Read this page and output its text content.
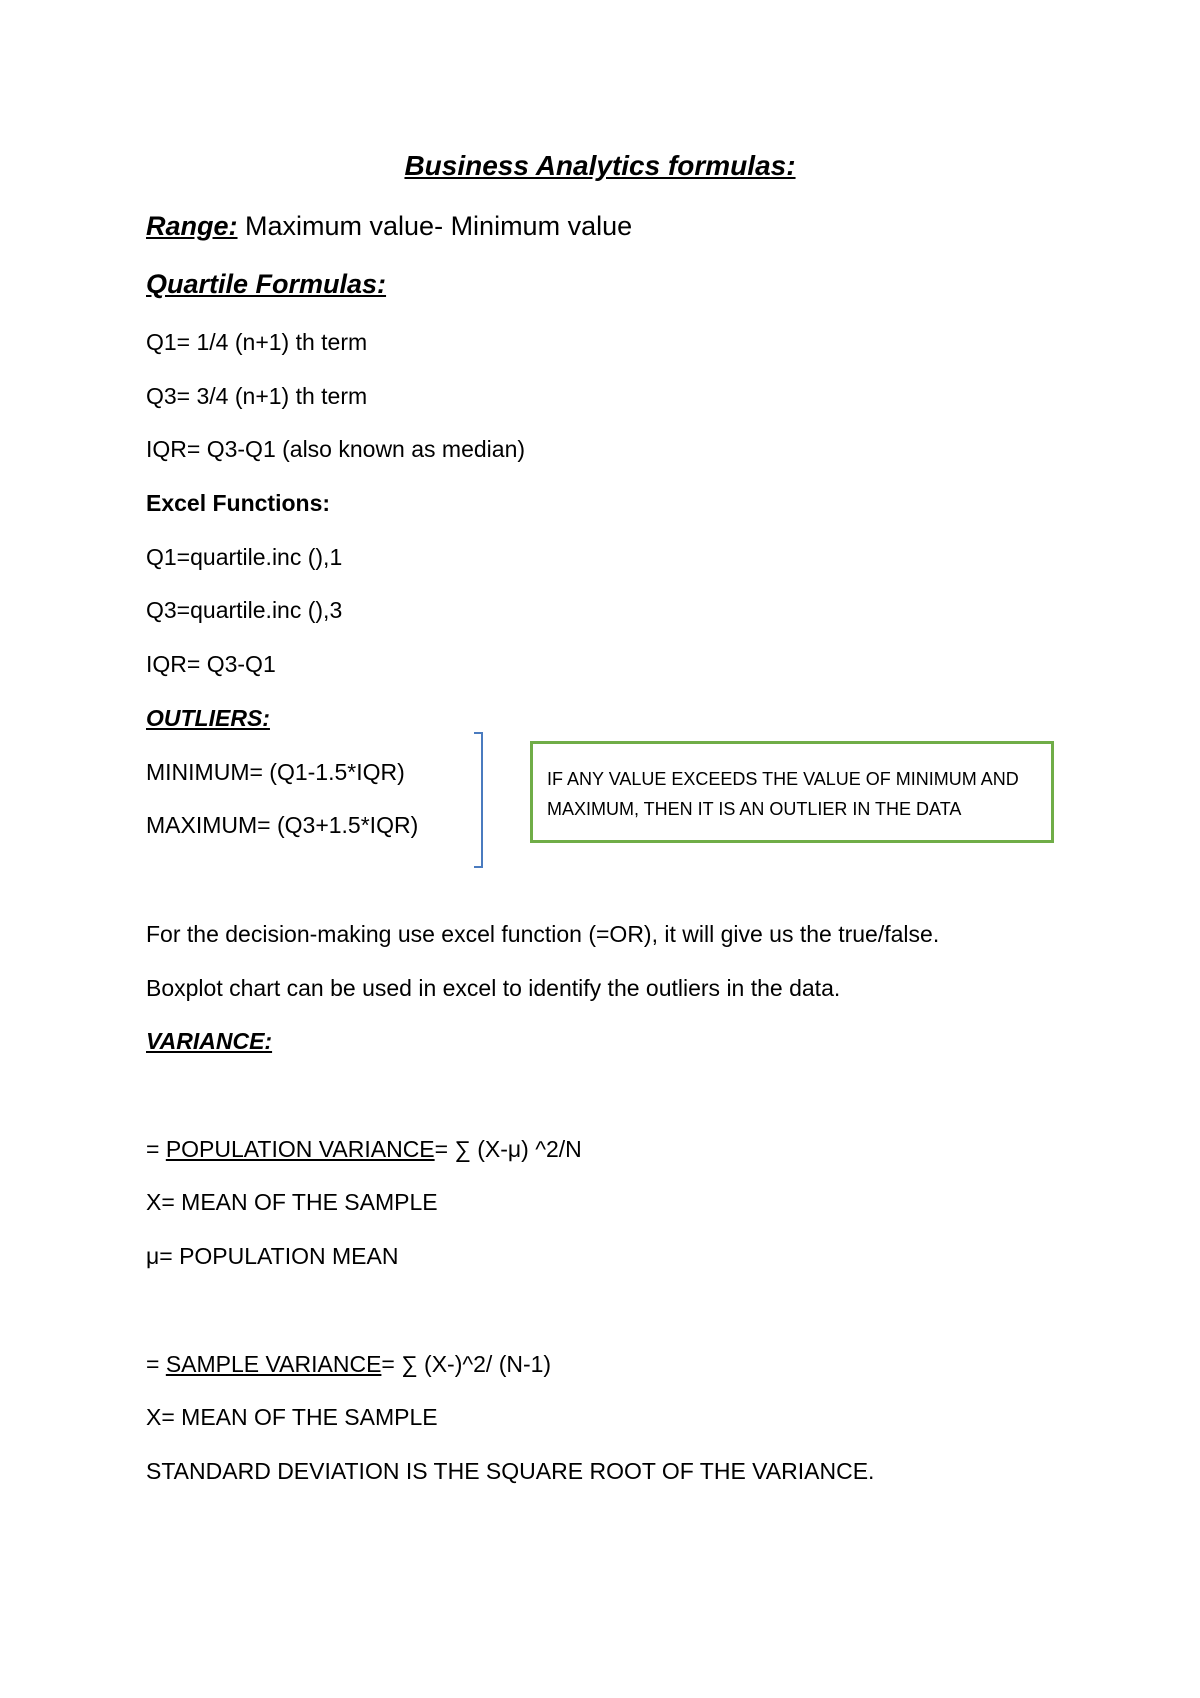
Business Analytics formulas:
Range: Maximum value- Minimum value
Quartile Formulas:
Q1= 1/4 (n+1) th term
Q3= 3/4 (n+1) th term
IQR= Q3-Q1 (also known as median)
Excel Functions:
Q1=quartile.inc (),1
Q3=quartile.inc (),3
IQR= Q3-Q1
OUTLIERS:
MINIMUM= (Q1-1.5*IQR)
MAXIMUM= (Q3+1.5*IQR)
IF ANY VALUE EXCEEDS THE VALUE OF MINIMUM AND
MAXIMUM, THEN IT IS AN OUTLIER IN THE DATA
For the decision-making use excel function (=OR), it will give us the true/false.
Boxplot chart can be used in excel to identify the outliers in the data.
VARIANCE:
= POPULATION VARIANCE= ∑ (X-μ) ^2/N
X= MEAN OF THE SAMPLE
μ= POPULATION MEAN
= SAMPLE VARIANCE= ∑ (X-)^2/ (N-1)
X= MEAN OF THE SAMPLE
STANDARD DEVIATION IS THE SQUARE ROOT OF THE VARIANCE.
